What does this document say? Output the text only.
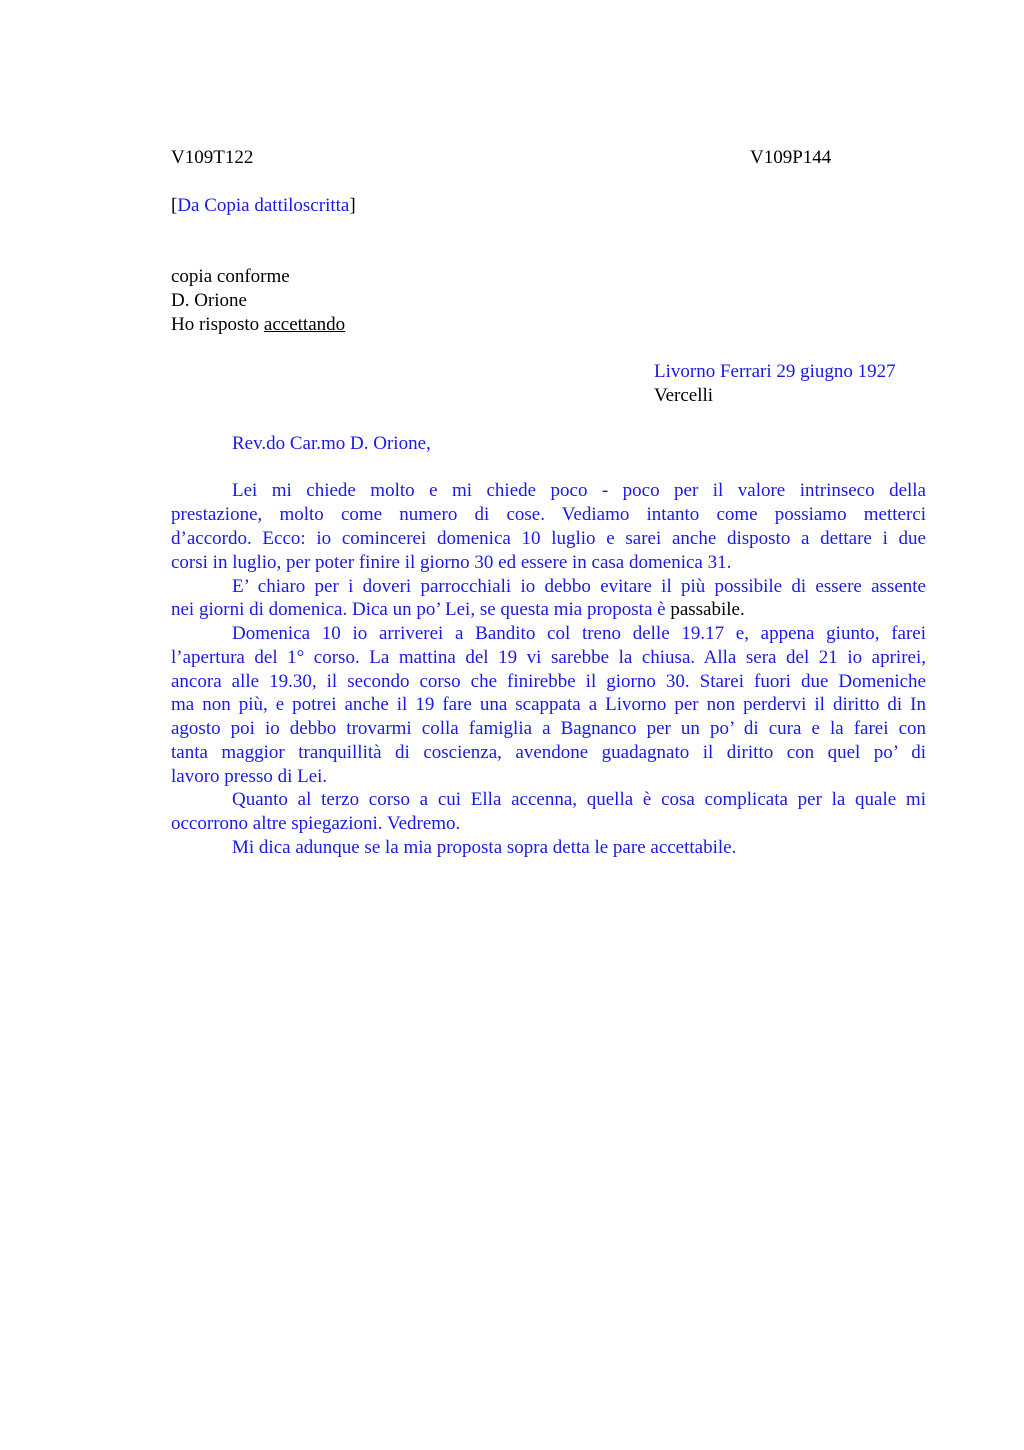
V109T122	V109P144
[Da Copia dattiloscritta]
copia conforme
D. Orione
Ho risposto accettando
Livorno Ferrari 29 giugno 1927
Vercelli
Rev.do Car.mo D. Orione,
Lei mi chiede molto e mi chiede poco - poco per il valore intrinseco della
prestazione, molto come numero di cose. Vediamo intanto come possiamo metterci
d’accordo. Ecco: io comincerei domenica 10 luglio e sarei anche disposto a dettare i due
corsi in luglio, per poter finire il giorno 30 ed essere in casa domenica 31.
E’ chiaro per i doveri parrocchiali io debbo evitare il più possibile di essere assente
nei giorni di domenica. Dica un po’ Lei, se questa mia proposta è passabile.
Domenica 10 io arriverei a Bandito col treno delle 19.17 e, appena giunto, farei
l’apertura del 1° corso. La mattina del 19 vi sarebbe la chiusa. Alla sera del 21 io aprirei,
ancora alle 19.30, il secondo corso che finirebbe il giorno 30. Starei fuori due Domeniche
ma non più, e potrei anche il 19 fare una scappata a Livorno per non perdervi il diritto di In
agosto poi io debbo trovarmi colla famiglia a Bagnanco per un po’ di cura e la farei con
tanta maggior tranquillità di coscienza, avendone guadagnato il diritto con quel po’ di
lavoro presso di Lei.
Quanto al terzo corso a cui Ella accenna, quella è cosa complicata per la quale mi
occorrono altre spiegazioni. Vedremo.
Mi dica adunque se la mia proposta sopra detta le pare accettabile.
